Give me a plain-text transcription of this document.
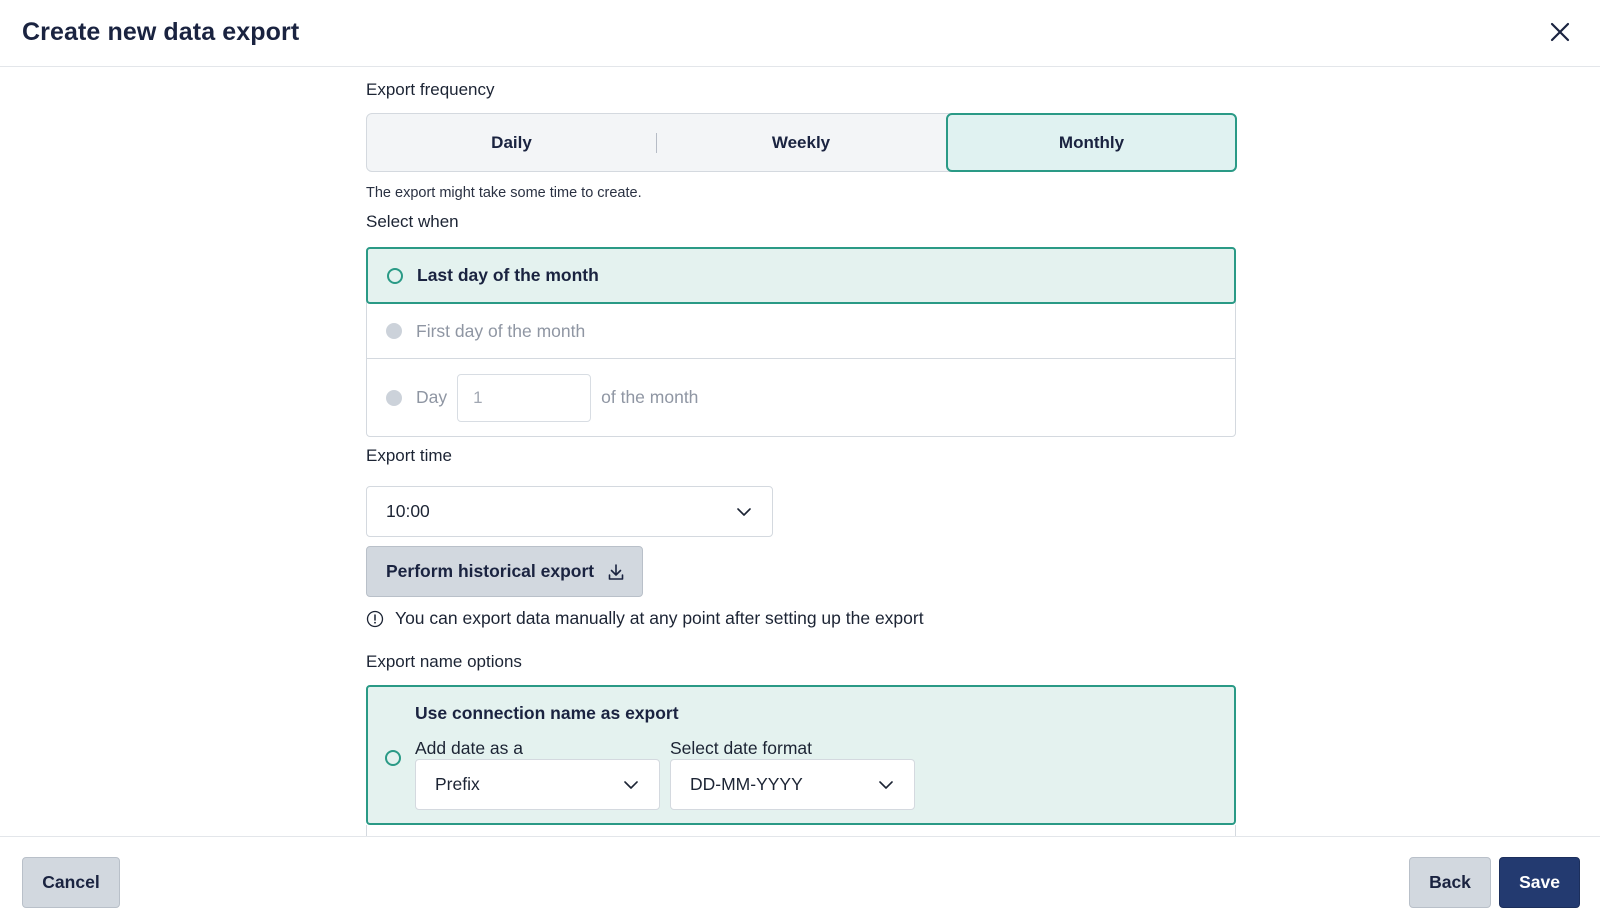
Create new data export
Export frequency
Daily	Weekly	Monthly
The export might take some time to create.
Select when
Last day of the month
First day of the month
Day	1	of the month
Export time
10:00
Perform historical export
You can export data manually at any point after setting up the export
Export name options
Use connection name as export
Add date as a	Select date format
Prefix	DD-MM-YYYY
Cancel	Back	Save
